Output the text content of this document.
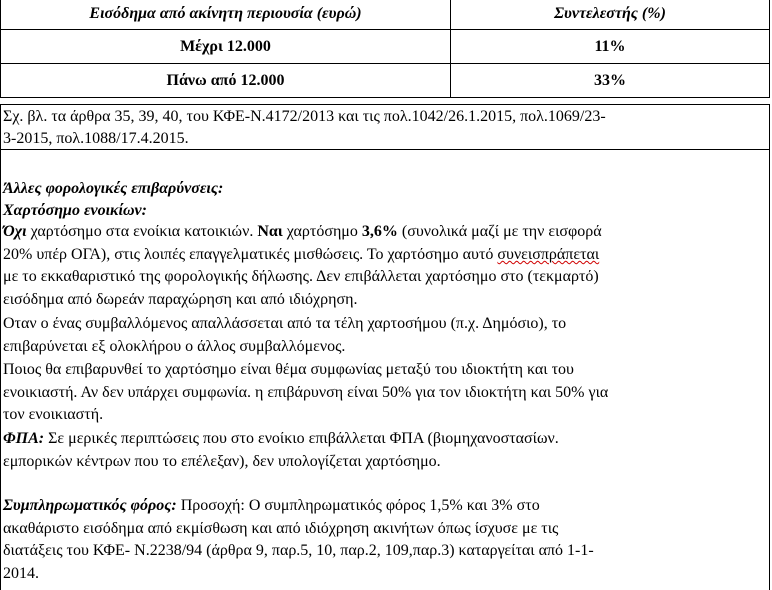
Εισόδημα από ακίνητη περιουσία (ευρώ)	Συντελεστής (%)
Μέχρι 12.000	11%
Πάνω από 12.000	33%
Σχ. βλ. τα άρθρα 35, 39, 40, του ΚΦΕ-Ν.4172/2013 και τις πολ.1042/26.1.2015, πολ.1069/23-
3-2015, πολ.1088/17.4.2015.
Άλλες φορολογικές επιβαρύνσεις:
Χαρτόσημο ενοικίων:
Όχι χαρτόσημο στα ενοίκια κατοικιών. Ναι χαρτόσημο 3,6% (συνολικά μαζί με την εισφορά
20% υπέρ ΟΓΑ), στις λοιπές επαγγελματικές μισθώσεις. Το χαρτόσημο αυτό συνεισπράπεται
με το εκκαθαριστικό της φορολογικής δήλωσης. Δεν επιβάλλεται χαρτόσημο στο (τεκμαρτό)
εισόδημα από δωρεάν παραχώρηση και από ιδιόχρηση.
Οταν ο ένας συμβαλλόμενος απαλλάσσεται από τα τέλη χαρτοσήμου (π.χ. Δημόσιο), το
επιβαρύνεται εξ ολοκλήρου ο άλλος συμβαλλόμενος.
Ποιος θα επιβαρυνθεί το χαρτόσημο είναι θέμα συμφωνίας μεταξύ του ιδιοκτήτη και του
ενοικιαστή. Αν δεν υπάρχει συμφωνία. η επιβάρυνση είναι 50% για τον ιδιοκτήτη και 50% για
τον ενοικιαστή.
ΦΠΑ: Σε μερικές περιπτώσεις που στο ενοίκιο επιβάλλεται ΦΠΑ (βιομηχανοστασίων.
εμπορικών κέντρων που το επέλεξαν), δεν υπολογίζεται χαρτόσημο.
Συμπληρωματικός φόρος: Προσοχή: Ο συμπληρωματικός φόρος 1,5% και 3% στο
ακαθάριστο εισόδημα από εκμίσθωση και από ιδιόχρηση ακινήτων όπως ίσχυσε με τις
διατάξεις του ΚΦΕ- Ν.2238/94 (άρθρα 9, παρ.5, 10, παρ.2, 109,παρ.3) καταργείται από 1-1-
2014.
